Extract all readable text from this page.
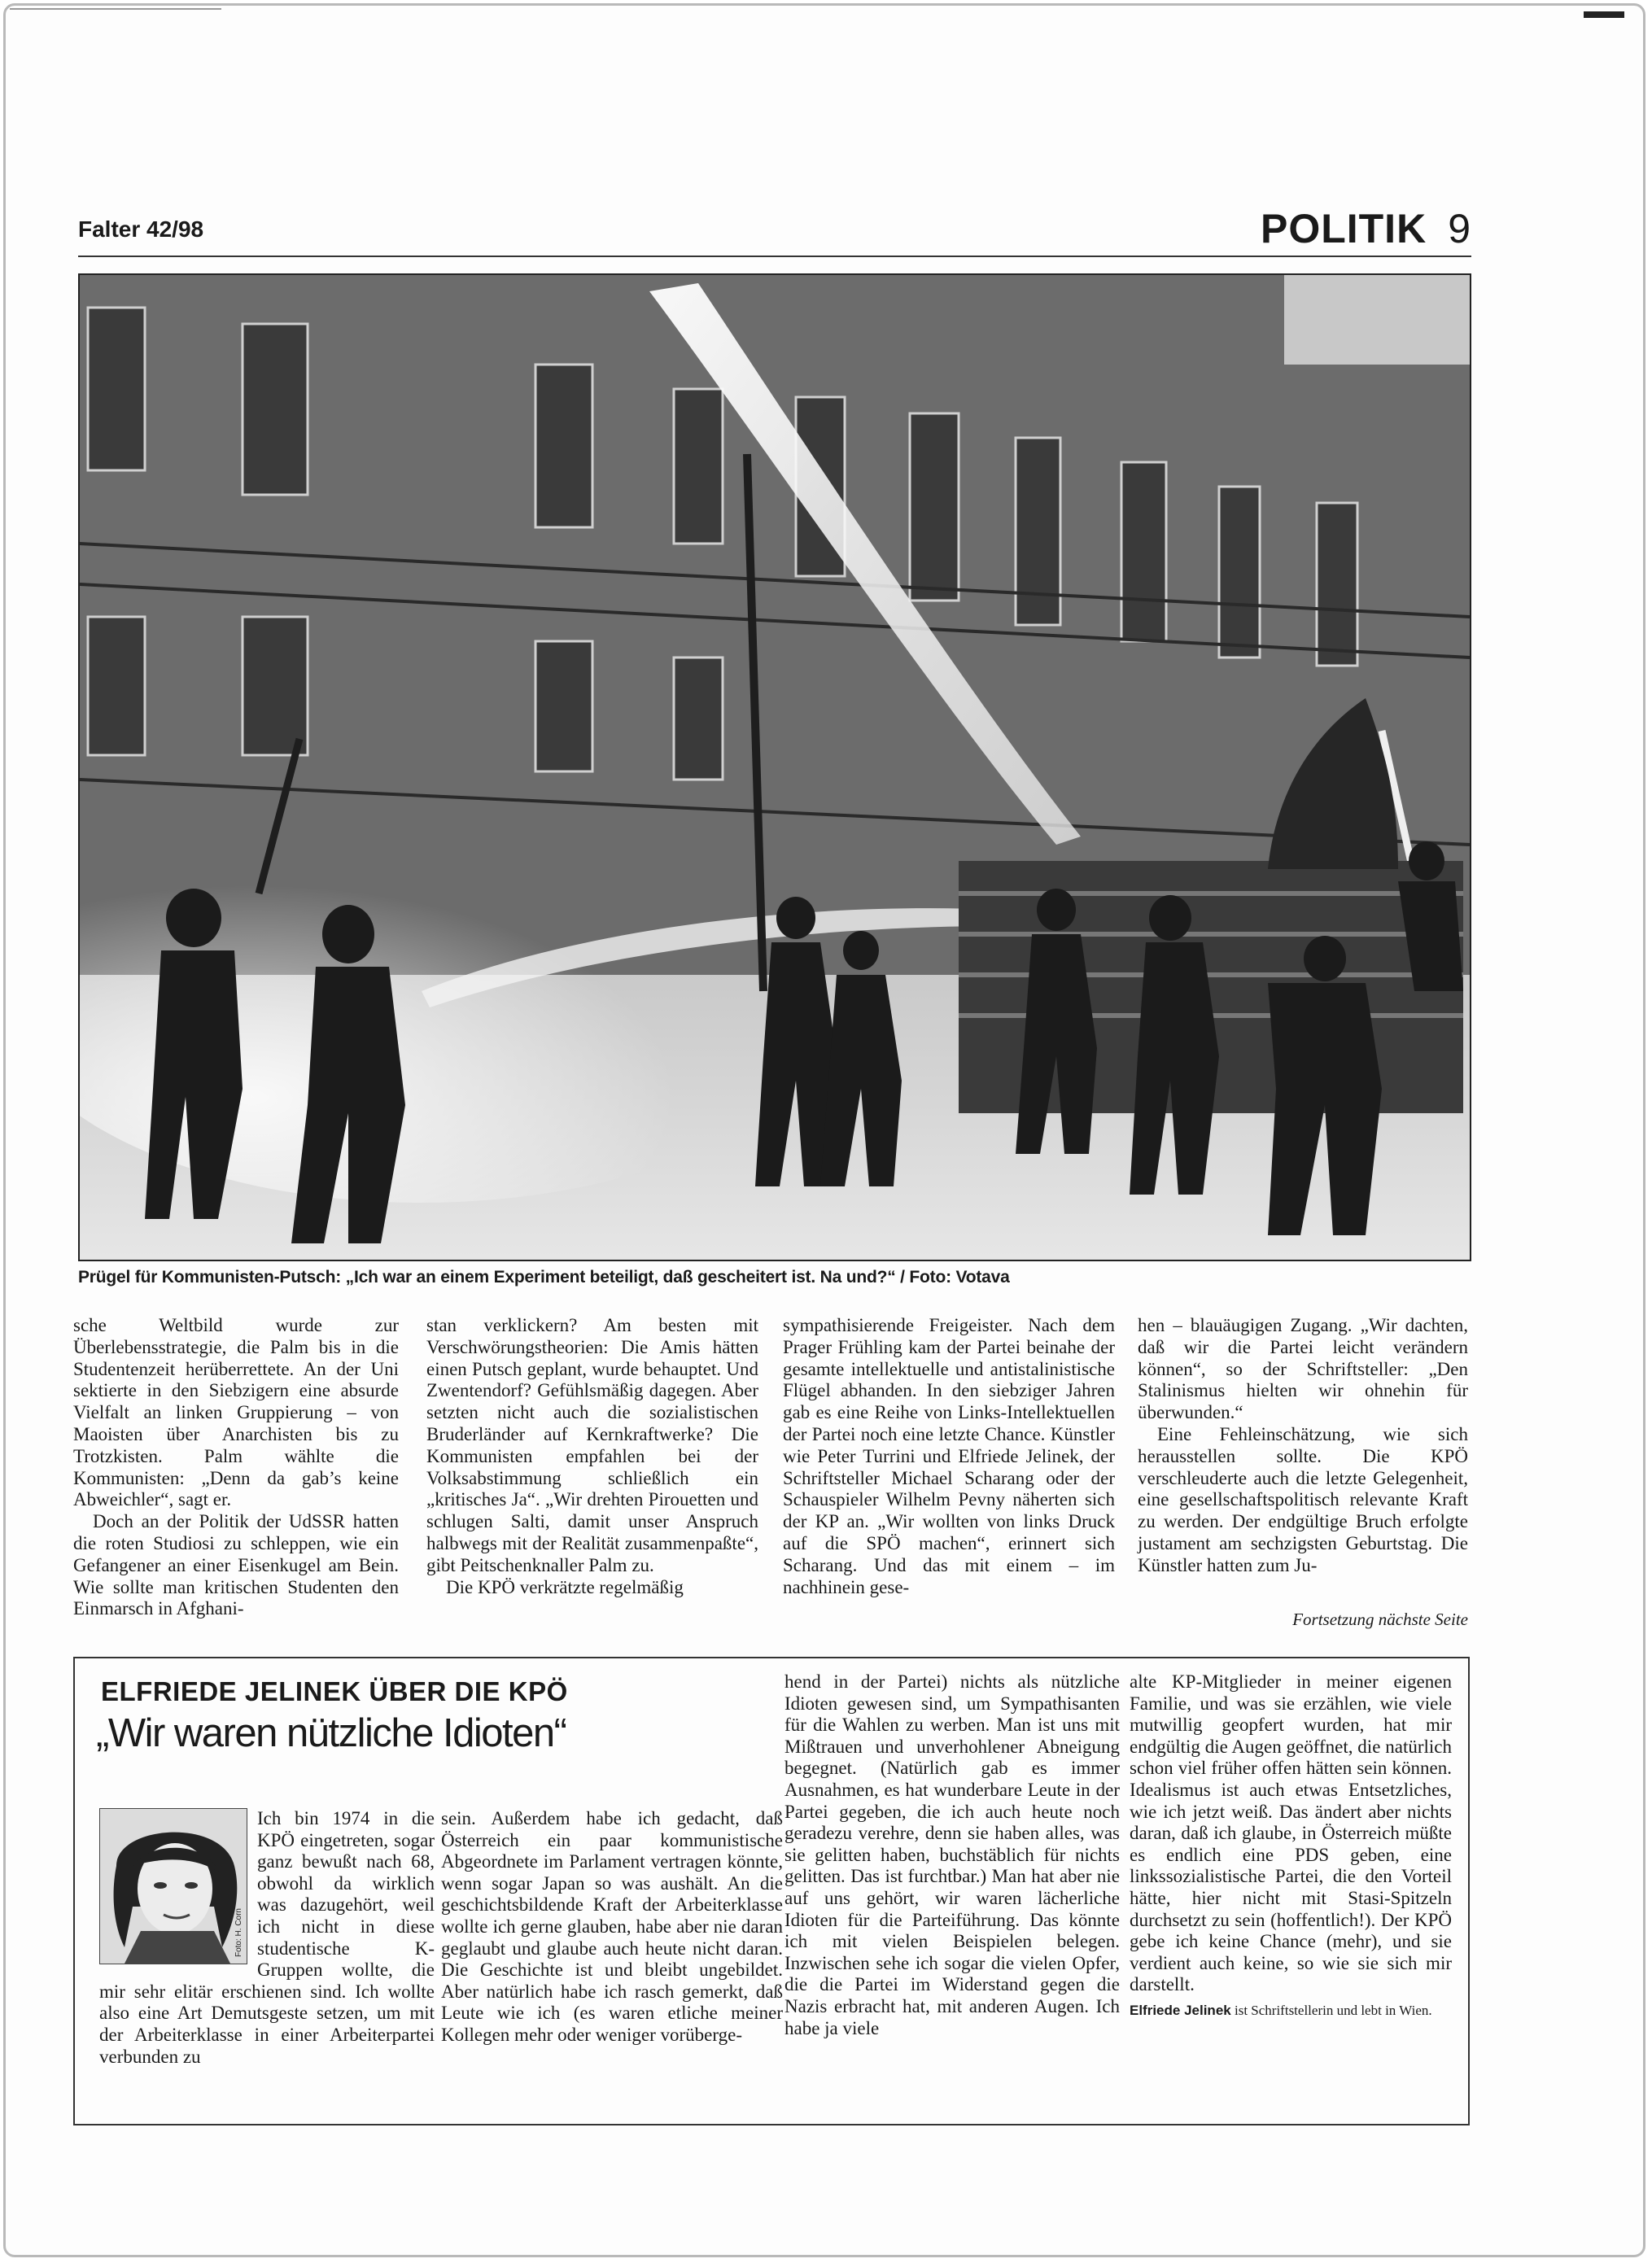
Falter 42/98	POLITIK 9
Prügel für Kommunisten-Putsch: „Ich war an einem Experiment beteiligt, daß gescheitert ist. Na und?“ / Foto: Votava

sche Weltbild wurde zur Überlebensstrategie, die Palm bis in die Studentenzeit herüberrettete. An der Uni sektierte in den Siebzigern eine absurde Vielfalt an linken Gruppierung – von Maoisten über Anarchisten bis zu Trotzkisten. Palm wählte die Kommunisten: „Denn da gab’s keine Abweichler“, sagt er.

Doch an der Politik der UdSSR hatten die roten Studiosi zu schleppen, wie ein Gefangener an einer Eisenkugel am Bein. Wie sollte man kritischen Studenten den Einmarsch in Afghani-

stan verklickern? Am besten mit Verschwörungstheorien: Die Amis hätten einen Putsch geplant, wurde behauptet. Und Zwentendorf? Gefühlsmäßig dagegen. Aber setzten nicht auch die sozialistischen Bruderländer auf Kernkraftwerke? Die Kommunisten empfahlen bei der Volksabstimmung schließlich ein „kritisches Ja“. „Wir drehten Pirouetten und schlugen Salti, damit unser Anspruch halbwegs mit der Realität zusammenpaßte“, gibt Peitschenknaller Palm zu.

Die KPÖ verkrätzte regelmäßig

sympathisierende Freigeister. Nach dem Prager Frühling kam der Partei beinahe der gesamte intellektuelle und antistalinistische Flügel abhanden. In den siebziger Jahren gab es eine Reihe von Links-Intellektuellen der Partei noch eine letzte Chance. Künstler wie Peter Turrini und Elfriede Jelinek, der Schriftsteller Michael Scharang oder der Schauspieler Wilhelm Pevny näherten sich der KP an. „Wir wollten von links Druck auf die SPÖ machen“, erinnert sich Scharang. Und das mit einem – im nachhinein gese-

hen – blauäugigen Zugang. „Wir dachten, daß wir die Partei leicht verändern können“, so der Schriftsteller: „Den Stalinismus hielten wir ohnehin für überwunden.“

Eine Fehleinschätzung, wie sich herausstellen sollte. Die KPÖ verschleuderte auch die letzte Gelegenheit, eine gesellschaftspolitisch relevante Kraft zu werden. Der endgültige Bruch erfolgte justament am sechzigsten Geburtstag. Die Künstler hatten zum Ju-

Fortsetzung nächste Seite
ELFRIEDE JELINEK ÜBER DIE KPÖ
„Wir waren nützliche Idioten“

Ich bin 1974 in die KPÖ eingetreten, sogar ganz bewußt nach 68, obwohl da wirklich was dazugehört, weil ich nicht in diese studentische K-Gruppen wollte, die mir sehr elitär erschienen sind. Ich wollte also eine Art Demutsgeste setzen, um mit der Arbeiterklasse in einer Arbeiterpartei verbunden zu

Foto: H. Corn

sein. Außerdem habe ich gedacht, daß Österreich ein paar kommunistische Abgeordnete im Parlament vertragen könnte, wenn sogar Japan so was aushält. An die geschichtsbildende Kraft der Arbeiterklasse wollte ich gerne glauben, habe aber nie daran geglaubt und glaube auch heute nicht daran. Die Geschichte ist und bleibt ungebildet. Aber natürlich habe ich rasch gemerkt, daß Leute wie ich (es waren etliche meiner Kollegen mehr oder weniger vorüberge-

hend in der Partei) nichts als nützliche Idioten gewesen sind, um Sympathisanten für die Wahlen zu werben. Man ist uns mit Mißtrauen und unverhohlener Abneigung begegnet. (Natürlich gab es immer Ausnahmen, es hat wunderbare Leute in der Partei gegeben, die ich auch heute noch geradezu verehre, denn sie haben alles, was sie gelitten haben, buchstäblich für nichts gelitten. Das ist furchtbar.) Man hat aber nie auf uns gehört, wir waren lächerliche Idioten für die Parteiführung. Das könnte ich mit vielen Beispielen belegen. Inzwischen sehe ich sogar die vielen Opfer, die die Partei im Widerstand gegen die Nazis erbracht hat, mit anderen Augen. Ich habe ja viele

alte KP-Mitglieder in meiner eigenen Familie, und was sie erzählen, wie viele mutwillig geopfert wurden, hat mir endgültig die Augen geöffnet, die natürlich schon viel früher offen hätten sein können. Idealismus ist auch etwas Entsetzliches, wie ich jetzt weiß. Das ändert aber nichts daran, daß ich glaube, in Österreich müßte es endlich eine PDS geben, eine linkssozialistische Partei, die den Vorteil hätte, hier nicht mit Stasi-Spitzeln durchsetzt zu sein (hoffentlich!). Der KPÖ gebe ich keine Chance (mehr), und sie verdient auch keine, so wie sie sich mir darstellt.

Elfriede Jelinek ist Schriftstellerin und lebt in Wien.
